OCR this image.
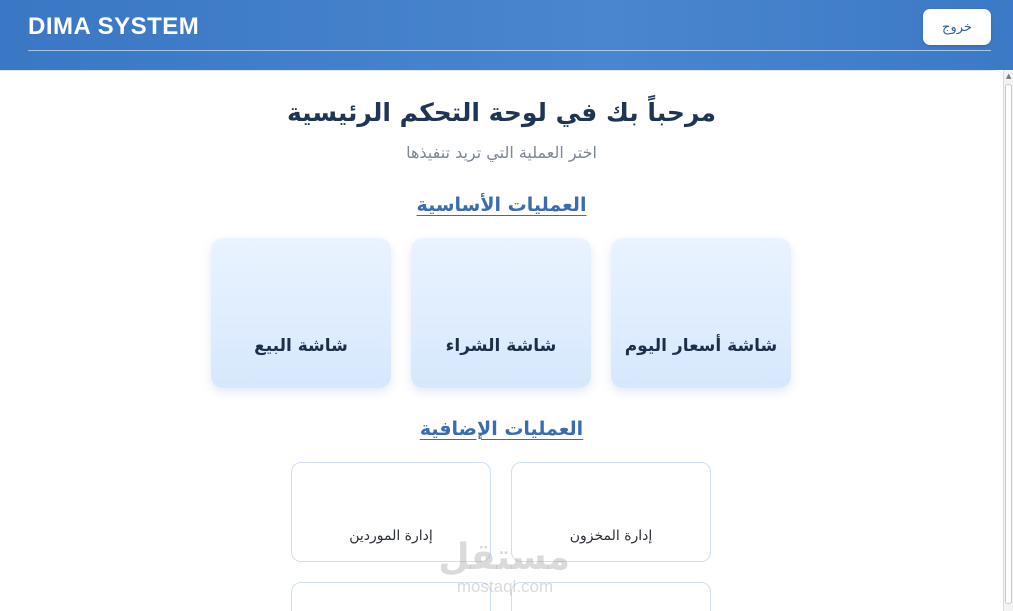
DIMA SYSTEM	خروج
▲
مرحباً بك في لوحة التحكم الرئيسية

اختر العملية التي تريد تنفيذها

العمليات الأساسية
شاشة أسعار اليوم
شاشة الشراء
شاشة البيع
العمليات الإضافية
إدارة المخزون
إدارة الموردين
مستقل
mostaql.com
